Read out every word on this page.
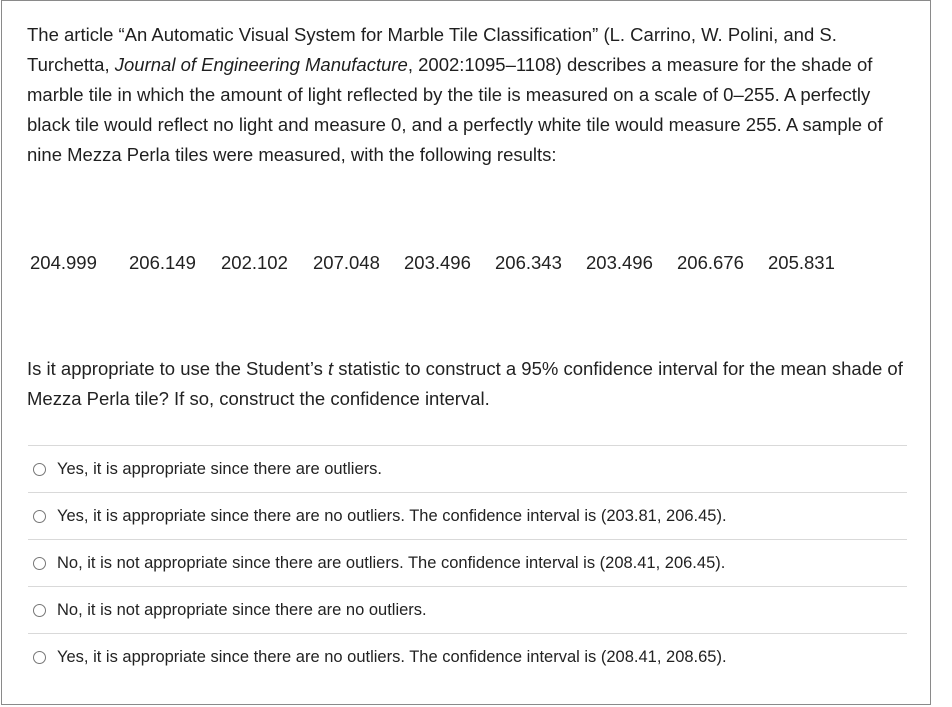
The article “An Automatic Visual System for Marble Tile Classification” (L. Carrino, W. Polini, and S. Turchetta, Journal of Engineering Manufacture, 2002:1095–1108) describes a measure for the shade of marble tile in which the amount of light reflected by the tile is measured on a scale of 0–255. A perfectly black tile would reflect no light and measure 0, and a perfectly white tile would measure 255. A sample of nine Mezza Perla tiles were measured, with the following results:

204.999 206.149 202.102 207.048 203.496 206.343 203.496 206.676 205.831

Is it appropriate to use the Student’s t statistic to construct a 95% confidence interval for the mean shade of Mezza Perla tile? If so, construct the confidence interval.

Yes, it is appropriate since there are outliers.
Yes, it is appropriate since there are no outliers. The confidence interval is (203.81, 206.45).
No, it is not appropriate since there are outliers. The confidence interval is (208.41, 206.45).
No, it is not appropriate since there are no outliers.
Yes, it is appropriate since there are no outliers. The confidence interval is (208.41, 208.65).
